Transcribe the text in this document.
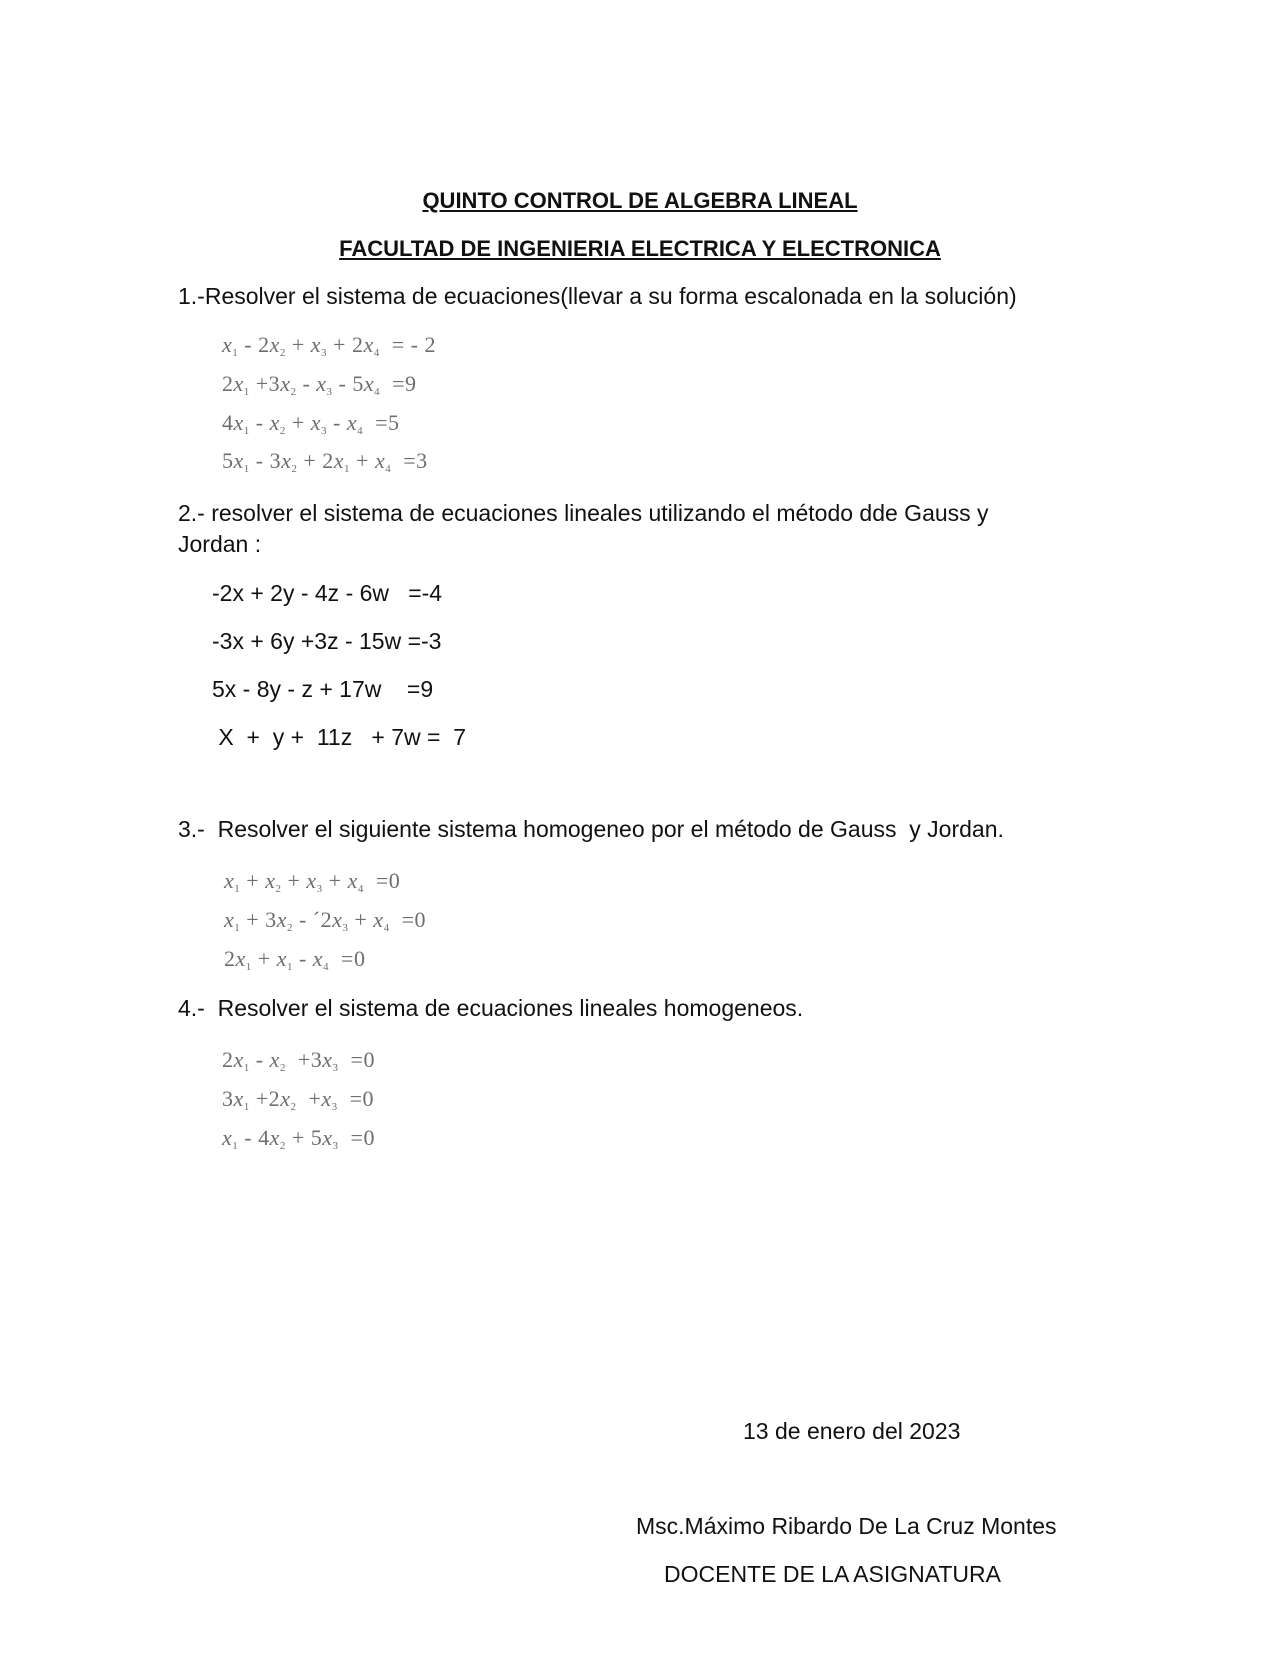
QUINTO CONTROL DE ALGEBRA LINEAL
FACULTAD DE INGENIERIA ELECTRICA Y ELECTRONICA
1.-Resolver el sistema de ecuaciones(llevar a su forma escalonada en la solución)
$x_1 - 2x_2 + x_3 + 2x_4$  = - 2
$2x_1 +3x_2 - x_3 - 5x_4 =9$
$4x_1 - x_2 + x_3 - x_4 =5$
$5x_1 - 3x_2 + 2x_1 + x_4 =3$
2.- resolver el sistema de ecuaciones lineales utilizando el método dde Gauss y
Jordan :
-2x + 2y - 4z - 6w   =-4
-3x + 6y +3z - 15w =-3
5x - 8y - z + 17w    =9
X  +  y +  11z   + 7w =  7
3.-  Resolver el siguiente sistema homogeneo por el método de Gauss  y Jordan.
$x_1 + x_2 + x_3 + x_4 =0$
$x_1 + 3x_2$ - $´2x_3 + x_4 =0$
$2x_1 + x_1 - x_4 =0$
4.-  Resolver el sistema de ecuaciones lineales homogeneos.
$2x_1 - x_2 +3x_3 =0$
$3x_1 +2x_2 +x_3 =0$
$x_1 - 4x_2 + 5x_3 =0$
13 de enero del 2023
Msc.Máximo Ribardo De La Cruz Montes
DOCENTE DE LA ASIGNATURA
